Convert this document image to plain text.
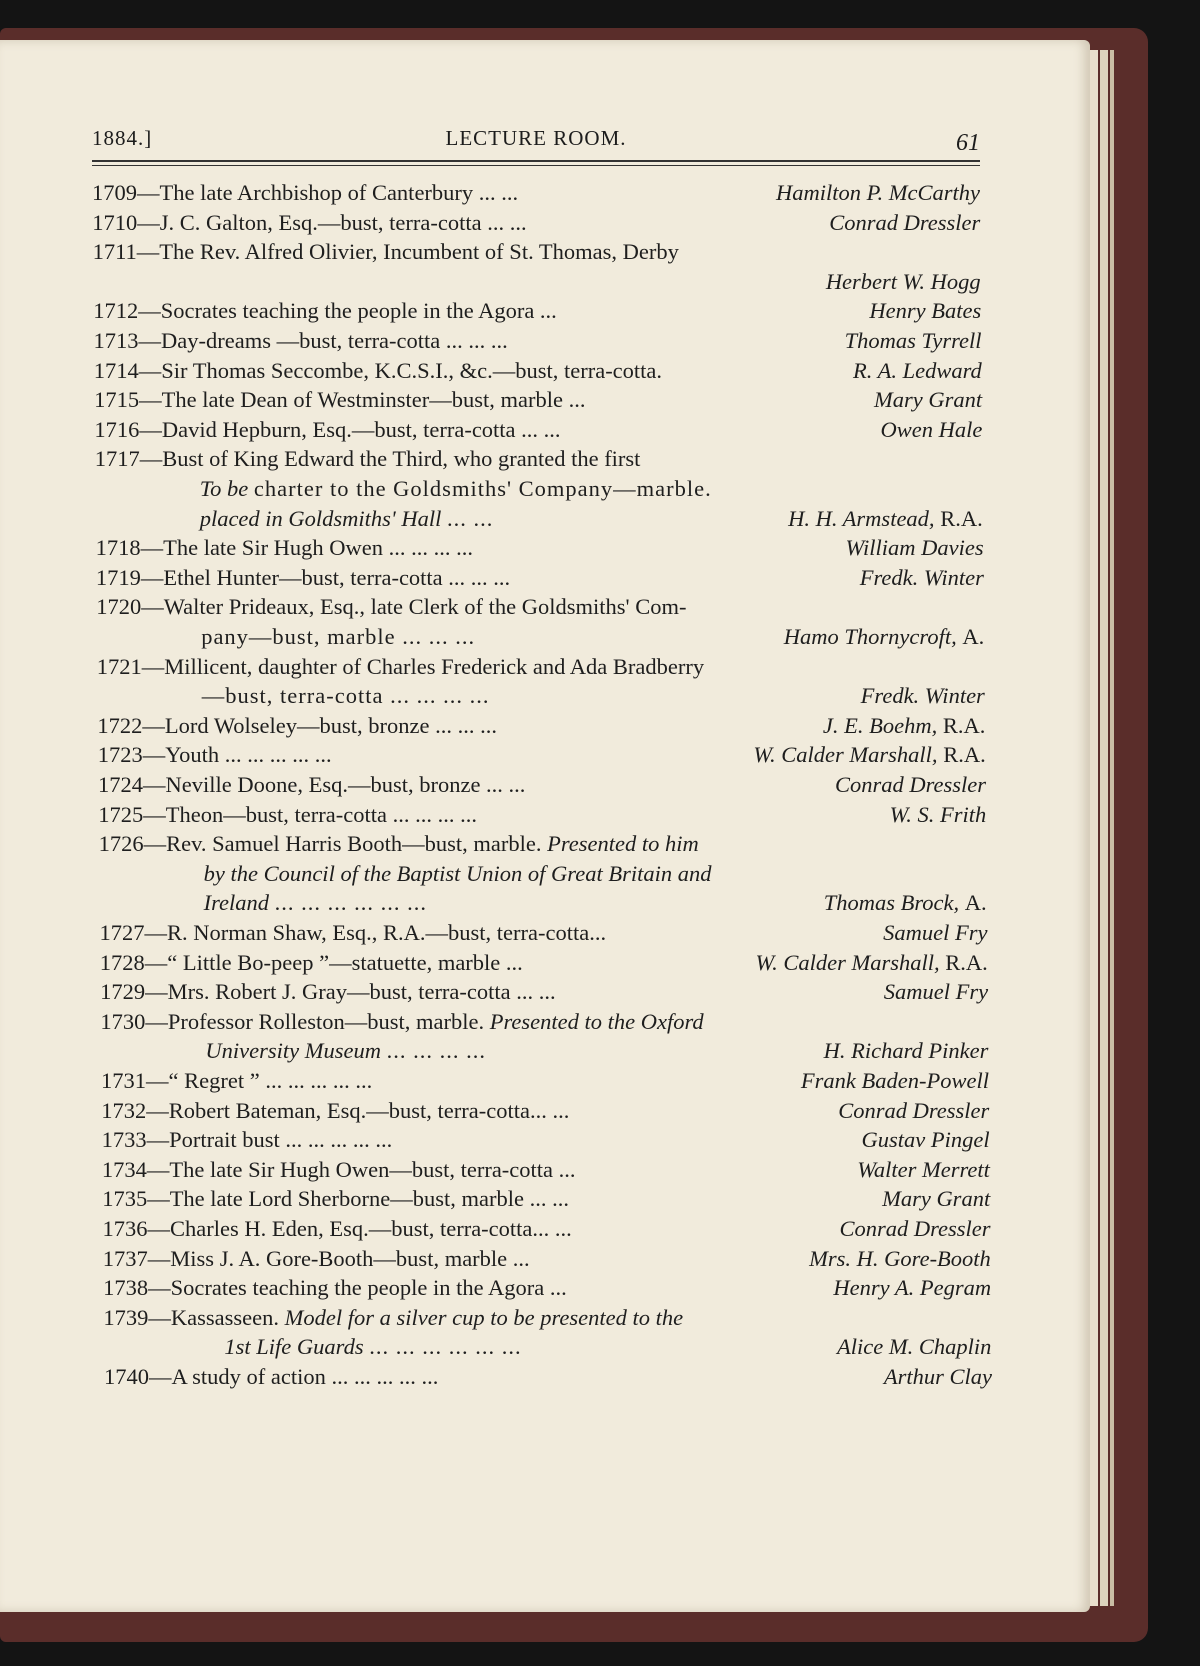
1884.]	LECTURE ROOM.	61
1709—The late Archbishop of Canterbury ... ...	Hamilton P. McCarthy
1710—J. C. Galton, Esq.—bust, terra-cotta ... ...	Conrad Dressler
1711—The Rev. Alfred Olivier, Incumbent of St. Thomas, Derby
Herbert W. Hogg
1712—Socrates teaching the people in the Agora ...	Henry Bates
1713—Day-dreams —bust, terra-cotta ... ... ...	Thomas Tyrrell
1714—Sir Thomas Seccombe, K.C.S.I., &c.—bust, terra-cotta.	R. A. Ledward
1715—The late Dean of Westminster—bust, marble ...	Mary Grant
1716—David Hepburn, Esq.—bust, terra-cotta ... ...	Owen Hale
1717—Bust of King Edward the Third, who granted the first
To be charter to the Goldsmiths' Company—marble.
placed in Goldsmiths' Hall ... ...	H. H. Armstead, R.A.
1718—The late Sir Hugh Owen ... ... ... ...	William Davies
1719—Ethel Hunter—bust, terra-cotta ... ... ...	Fredk. Winter
1720—Walter Prideaux, Esq., late Clerk of the Goldsmiths' Com-
pany—bust, marble ... ... ...	Hamo Thornycroft, A.
1721—Millicent, daughter of Charles Frederick and Ada Bradberry
—bust, terra-cotta ... ... ... ...	Fredk. Winter
1722—Lord Wolseley—bust, bronze ... ... ...	J. E. Boehm, R.A.
1723—Youth ... ... ... ... ...	W. Calder Marshall, R.A.
1724—Neville Doone, Esq.—bust, bronze ... ...	Conrad Dressler
1725—Theon—bust, terra-cotta ... ... ... ...	W. S. Frith
1726—Rev. Samuel Harris Booth—bust, marble. Presented to him
by the Council of the Baptist Union of Great Britain and
Ireland ... ... ... ... ... ...	Thomas Brock, A.
1727—R. Norman Shaw, Esq., R.A.—bust, terra-cotta...	Samuel Fry
1728—“ Little Bo-peep ”—statuette, marble ...	W. Calder Marshall, R.A.
1729—Mrs. Robert J. Gray—bust, terra-cotta ... ...	Samuel Fry
1730—Professor Rolleston—bust, marble. Presented to the Oxford
University Museum ... ... ... ...	H. Richard Pinker
1731—“ Regret ” ... ... ... ... ...	Frank Baden-Powell
1732—Robert Bateman, Esq.—bust, terra-cotta... ...	Conrad Dressler
1733—Portrait bust ... ... ... ... ...	Gustav Pingel
1734—The late Sir Hugh Owen—bust, terra-cotta ...	Walter Merrett
1735—The late Lord Sherborne—bust, marble ... ...	Mary Grant
1736—Charles H. Eden, Esq.—bust, terra-cotta... ...	Conrad Dressler
1737—Miss J. A. Gore-Booth—bust, marble ...	Mrs. H. Gore-Booth
1738—Socrates teaching the people in the Agora ...	Henry A. Pegram
1739—Kassasseen. Model for a silver cup to be presented to the
1st Life Guards ... ... ... ... ... ...	Alice M. Chaplin
1740—A study of action ... ... ... ... ...	Arthur Clay
